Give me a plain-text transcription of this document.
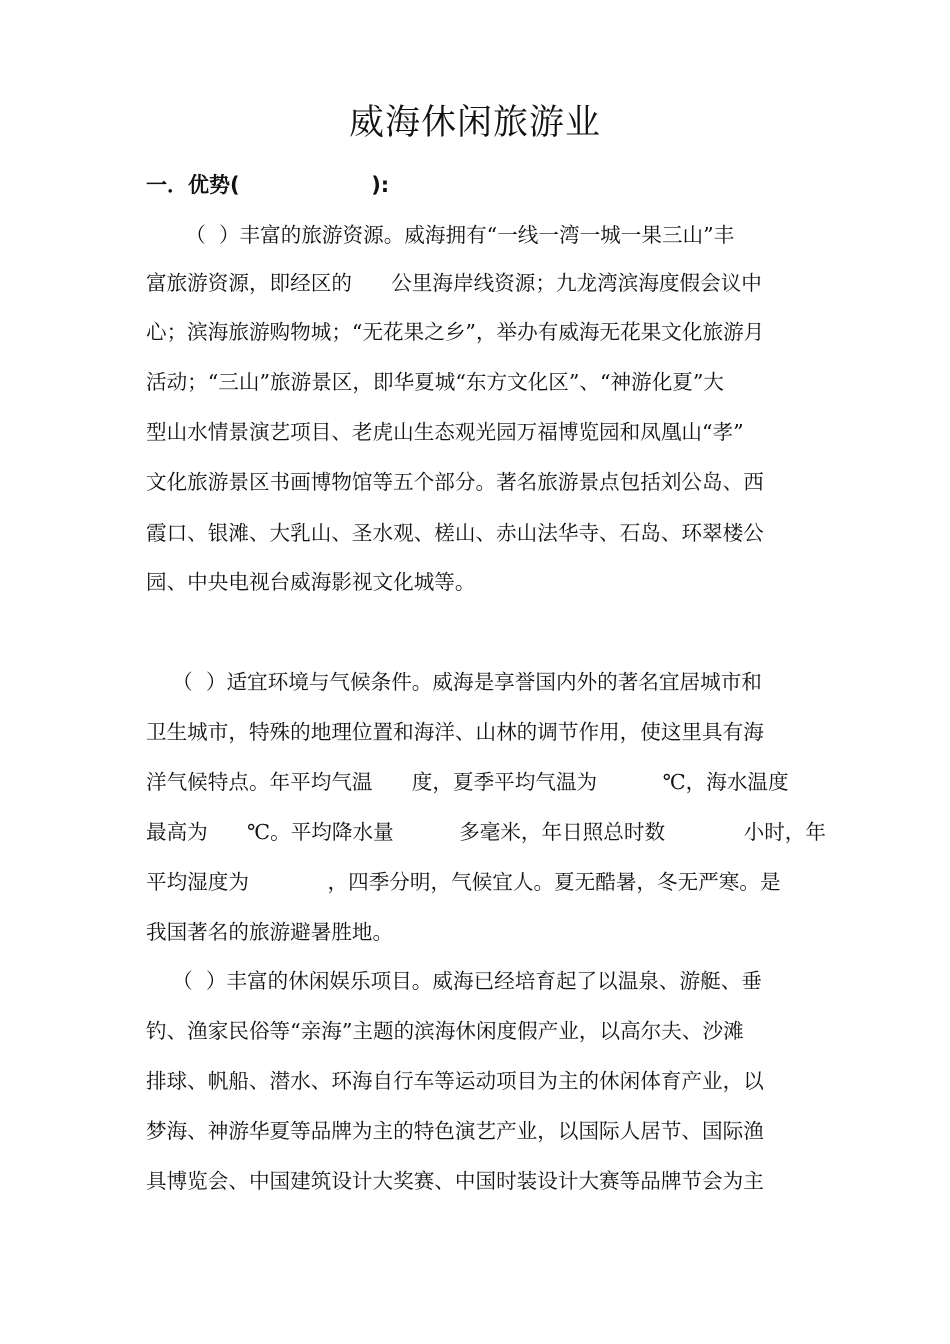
威海休闲旅游业
一．优势(                  ):
（  ）丰富的旅游资源。威海拥有“一线一湾一城一果三山”丰
富旅游资源，即经区的      公里海岸线资源；九龙湾滨海度假会议中
心；滨海旅游购物城；“无花果之乡”，举办有威海无花果文化旅游月
活动；“三山”旅游景区，即华夏城“东方文化区”、“神游化夏”大
型山水情景演艺项目、老虎山生态观光园万福博览园和凤凰山“孝”
文化旅游景区书画博物馆等五个部分。著名旅游景点包括刘公岛、西
霞口、银滩、大乳山、圣水观、槎山、赤山法华寺、石岛、环翠楼公
园、中央电视台威海影视文化城等。
（  ）适宜环境与气候条件。威海是享誉国内外的著名宜居城市和
卫生城市，特殊的地理位置和海洋、山林的调节作用，使这里具有海
洋气候特点。年平均气温      度，夏季平均气温为          ℃，海水温度
最高为      ℃。平均降水量          多毫米，年日照总时数            小时，年
平均湿度为            ，四季分明，气候宜人。夏无酷暑，冬无严寒。是
我国著名的旅游避暑胜地。
（  ）丰富的休闲娱乐项目。威海已经培育起了以温泉、游艇、垂
钓、渔家民俗等“亲海”主题的滨海休闲度假产业，以高尔夫、沙滩
排球、帆船、潜水、环海自行车等运动项目为主的休闲体育产业，以
梦海、神游华夏等品牌为主的特色演艺产业，以国际人居节、国际渔
具博览会、中国建筑设计大奖赛、中国时装设计大赛等品牌节会为主
